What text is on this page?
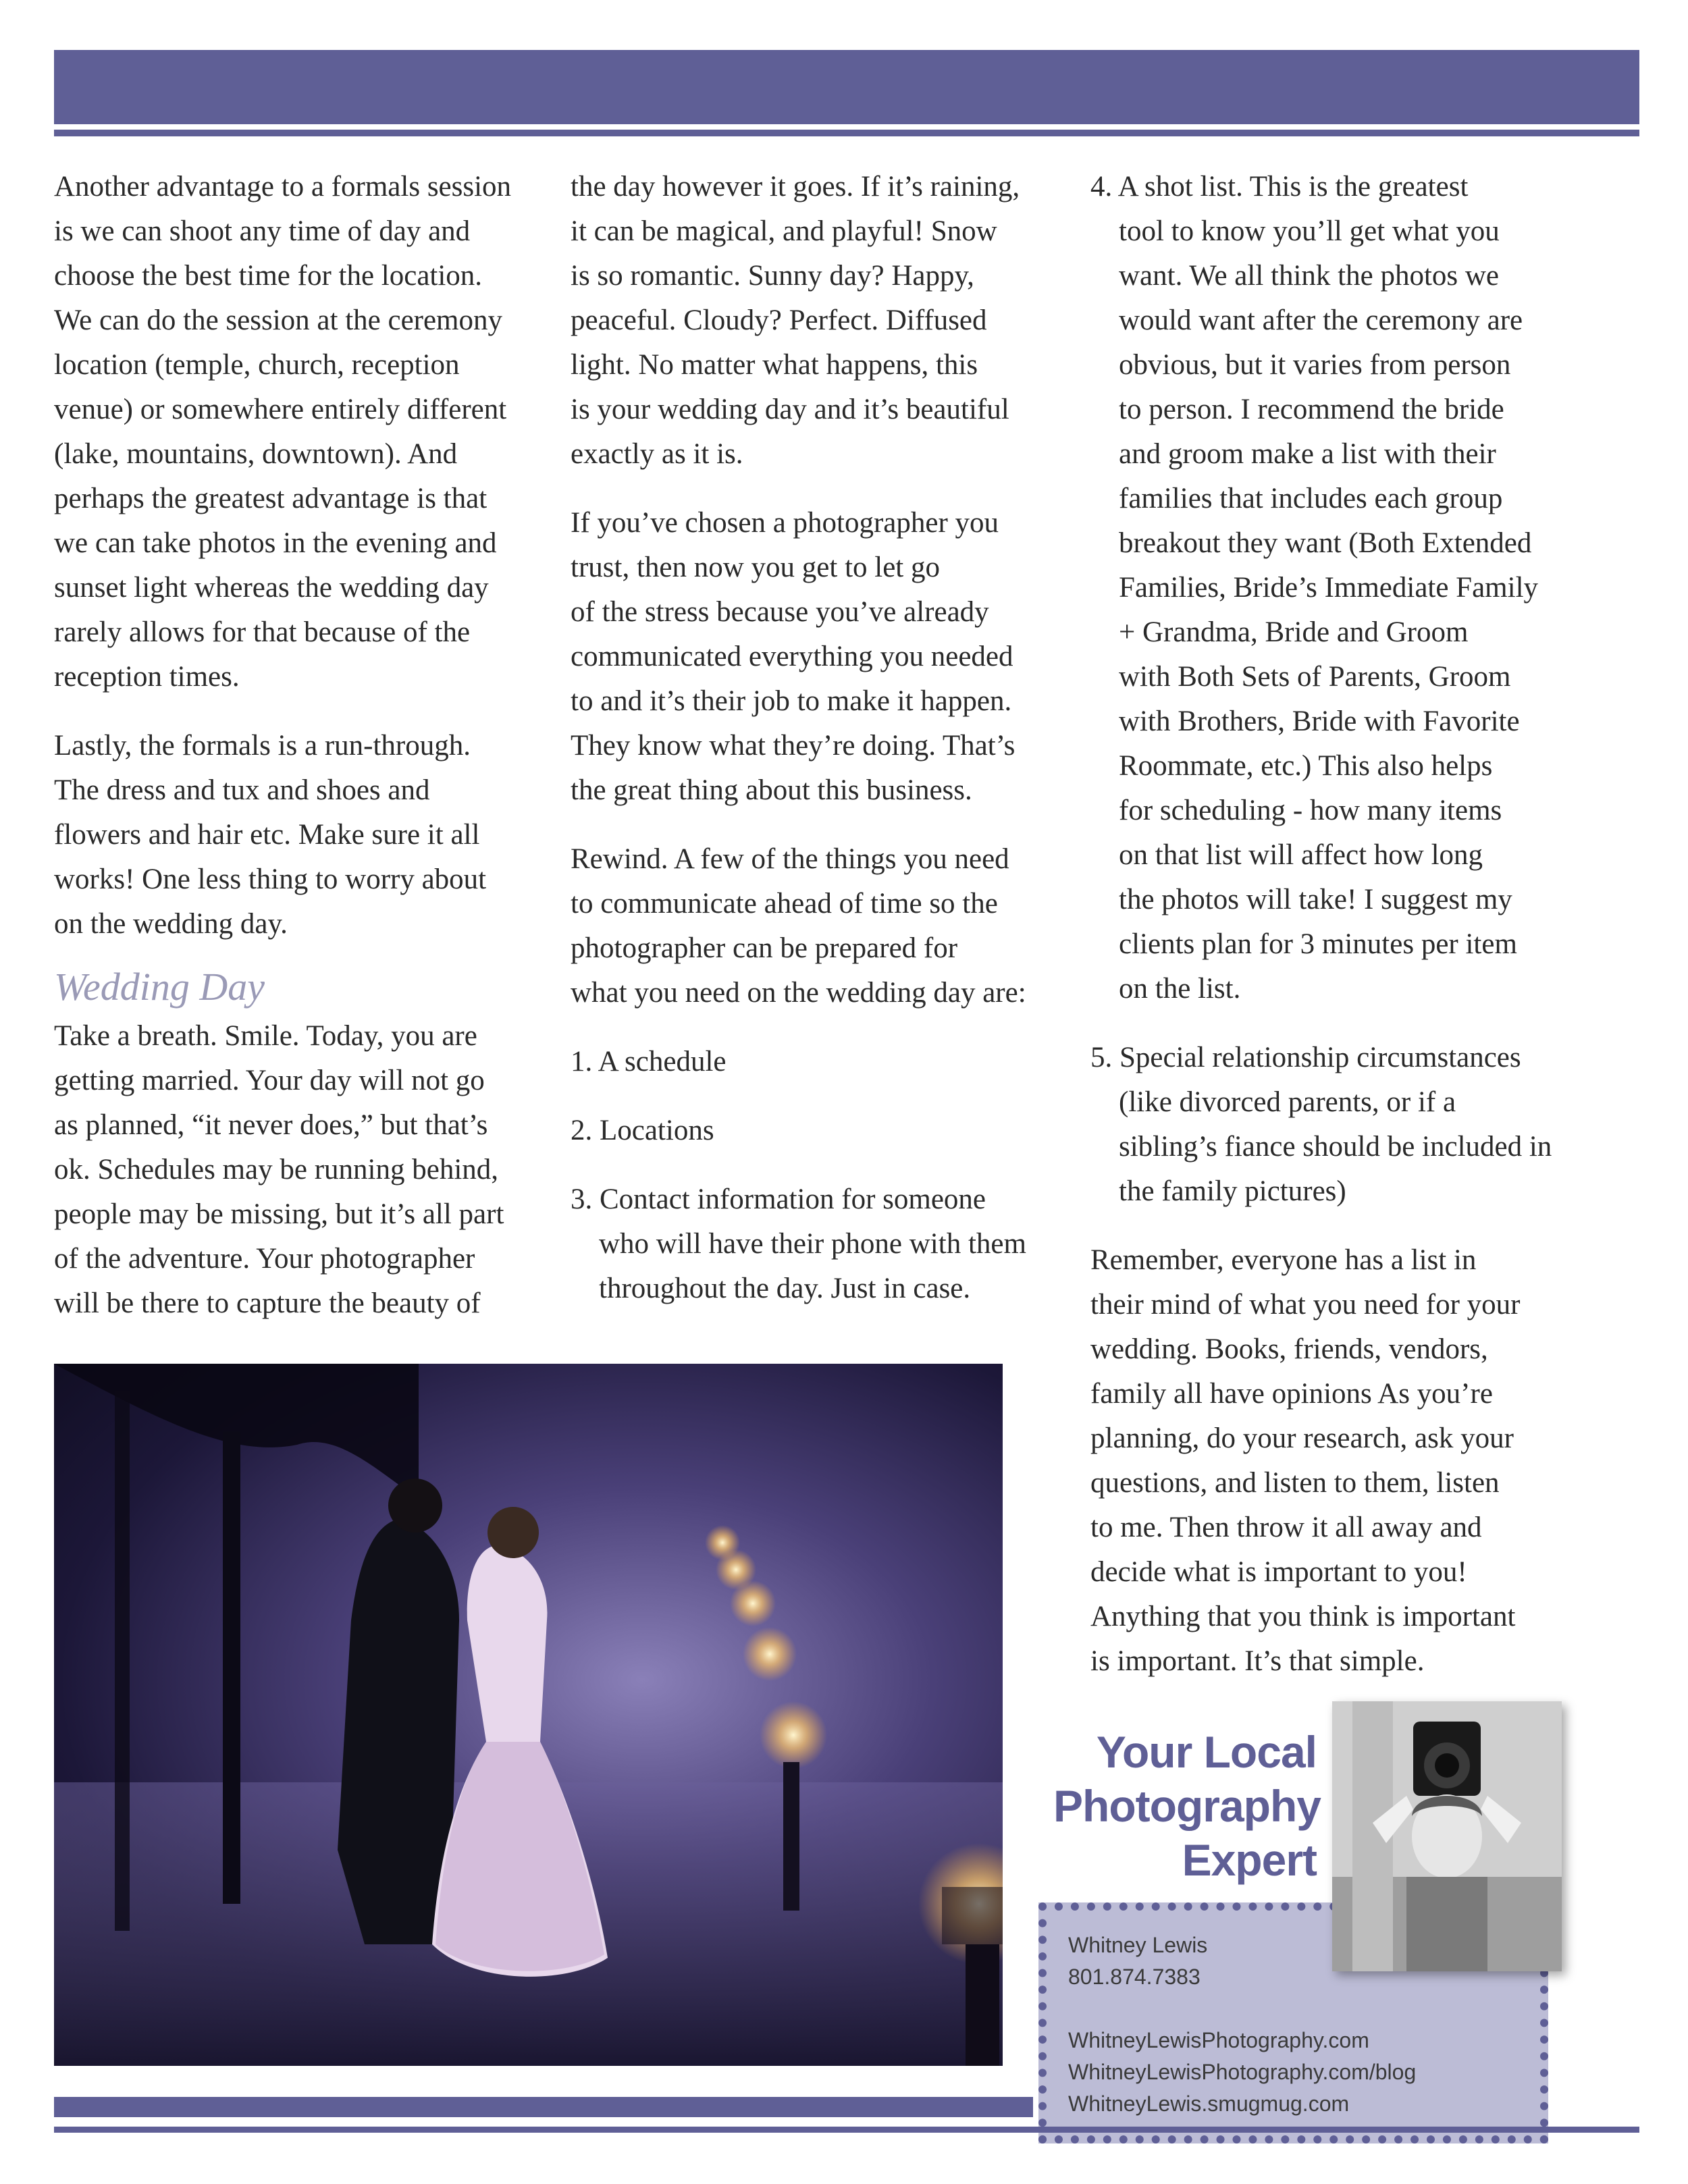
Another advantage to a formals session
is we can shoot any time of day and
choose the best time for the location.
We can do the session at the ceremony
location (temple, church, reception
venue) or somewhere entirely different
(lake, mountains, downtown). And
perhaps the greatest advantage is that
we can take photos in the evening and
sunset light whereas the wedding day
rarely allows for that because of the
reception times.
Lastly, the formals is a run-through.
The dress and tux and shoes and
flowers and hair etc. Make sure it all
works! One less thing to worry about
on the wedding day.
Wedding Day
Take a breath. Smile. Today, you are
getting married. Your day will not go
as planned, “it never does,” but that’s
ok. Schedules may be running behind,
people may be missing, but it’s all part
of the adventure. Your photographer
will be there to capture the beauty of
the day however it goes. If it’s raining,
it can be magical, and playful! Snow
is so romantic. Sunny day? Happy,
peaceful. Cloudy? Perfect. Diffused
light. No matter what happens, this
is your wedding day and it’s beautiful
exactly as it is.
If you’ve chosen a photographer you
trust, then now you get to let go
of the stress because you’ve already
communicated everything you needed
to and it’s their job to make it happen.
They know what they’re doing. That’s
the great thing about this business.
Rewind. A few of the things you need
to communicate ahead of time so the
photographer can be prepared for
what you need on the wedding day are:
1. A schedule
2. Locations
3. Contact information for someone
who will have their phone with them
throughout the day. Just in case.
4. A shot list. This is the greatest
tool to know you’ll get what you
want. We all think the photos we
would want after the ceremony are
obvious, but it varies from person
to person. I recommend the bride
and groom make a list with their
families that includes each group
breakout they want (Both Extended
Families, Bride’s Immediate Family
+ Grandma, Bride and Groom
with Both Sets of Parents, Groom
with Brothers, Bride with Favorite
Roommate, etc.) This also helps
for scheduling - how many items
on that list will affect how long
the photos will take! I suggest my
clients plan for 3 minutes per item
on the list.
5. Special relationship circumstances
(like divorced parents, or if a
sibling’s fiance should be included in
the family pictures)
Remember, everyone has a list in
their mind of what you need for your
wedding. Books, friends, vendors,
family all have opinions As you’re
planning, do your research, ask your
questions, and listen to them, listen
to me. Then throw it all away and
decide what is important to you!
Anything that you think is important
is important. It’s that simple.
Your Local
Photography
Expert
Whitney Lewis
801.874.7383
WhitneyLewisPhotography.com
WhitneyLewisPhotography.com/blog
WhitneyLewis.smugmug.com
